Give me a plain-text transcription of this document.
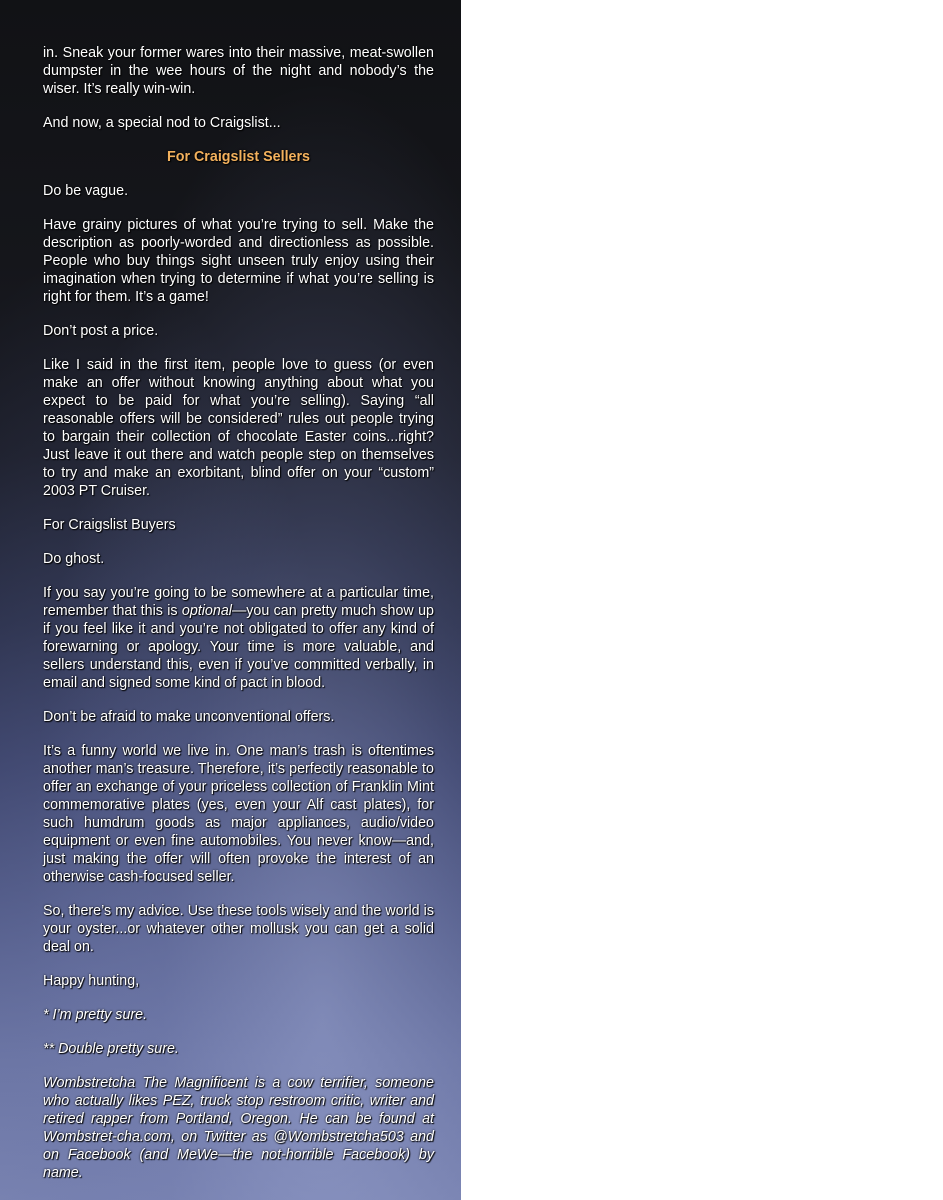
in. Sneak your former wares into their massive, meat-swollen dumpster in the wee hours of the night and nobody’s the wiser. It’s really win-win.

And now, a special nod to Craigslist...

For Craigslist Sellers

Do be vague.

Have grainy pictures of what you’re trying to sell. Make the description as poorly-worded and directionless as possible. People who buy things sight unseen truly enjoy using their imagination when trying to determine if what you’re selling is right for them. It’s a game!

Don’t post a price.

Like I said in the first item, people love to guess (or even make an offer without knowing anything about what you expect to be paid for what you’re selling). Saying “all reasonable offers will be considered” rules out people trying to bargain their collection of chocolate Easter coins...right? Just leave it out there and watch people step on themselves to try and make an exorbitant, blind offer on your “custom” 2003 PT Cruiser.

For Craigslist Buyers

Do ghost.

If you say you’re going to be somewhere at a particular time, remember that this is optional—you can pretty much show up if you feel like it and you’re not obligated to offer any kind of forewarning or apology. Your time is more valuable, and sellers understand this, even if you’ve committed verbally, in email and signed some kind of pact in blood.

Don’t be afraid to make unconventional offers.

It’s a funny world we live in. One man’s trash is oftentimes another man’s treasure. Therefore, it’s perfectly reasonable to offer an exchange of your priceless collection of Franklin Mint commemorative plates (yes, even your Alf cast plates), for such humdrum goods as major appliances, audio/video equipment or even fine automobiles. You never know—and, just making the offer will often provoke the interest of an otherwise cash-focused seller.

So, there’s my advice. Use these tools wisely and the world is your oyster...or whatever other mollusk you can get a solid deal on.

Happy hunting,

* I’m pretty sure.

** Double pretty sure.

Wombstretcha The Magnificent is a cow terrifier, someone who actually likes PEZ, truck stop restroom critic, writer and retired rapper from Portland, Oregon. He can be found at Wombstret-cha.com, on Twitter as @Wombstretcha503 and on Facebook (and MeWe—the not-horrible Facebook) by name.
